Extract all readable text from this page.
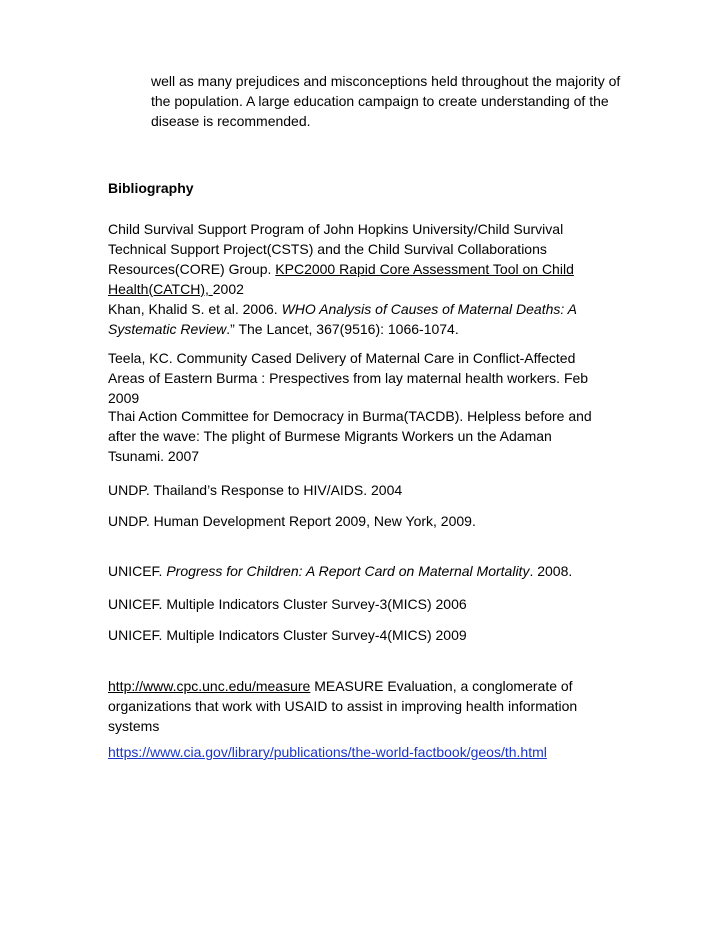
well as many prejudices and misconceptions held throughout the majority of the population. A large education campaign to create understanding of the disease is recommended.

Bibliography

Child Survival Support Program of John Hopkins University/Child Survival Technical Support Project(CSTS) and the Child Survival Collaborations Resources(CORE) Group. KPC2000 Rapid Core Assessment Tool on Child Health(CATCH), 2002

Khan, Khalid S. et al. 2006. WHO Analysis of Causes of Maternal Deaths: A Systematic Review.” The Lancet, 367(9516): 1066-1074.

Teela, KC. Community Cased Delivery of Maternal Care in Conflict-Affected Areas of Eastern Burma : Prespectives from lay maternal health workers. Feb 2009

Thai Action Committee for Democracy in Burma(TACDB). Helpless before and after the wave: The plight of Burmese Migrants Workers un the Adaman Tsunami. 2007

UNDP. Thailand’s Response to HIV/AIDS. 2004

UNDP. Human Development Report 2009, New York, 2009.

UNICEF. Progress for Children: A Report Card on Maternal Mortality. 2008.

UNICEF. Multiple Indicators Cluster Survey-3(MICS) 2006

UNICEF. Multiple Indicators Cluster Survey-4(MICS) 2009

http://www.cpc.unc.edu/measure MEASURE Evaluation, a conglomerate of organizations that work with USAID to assist in improving health information systems

https://www.cia.gov/library/publications/the-world-factbook/geos/th.html
